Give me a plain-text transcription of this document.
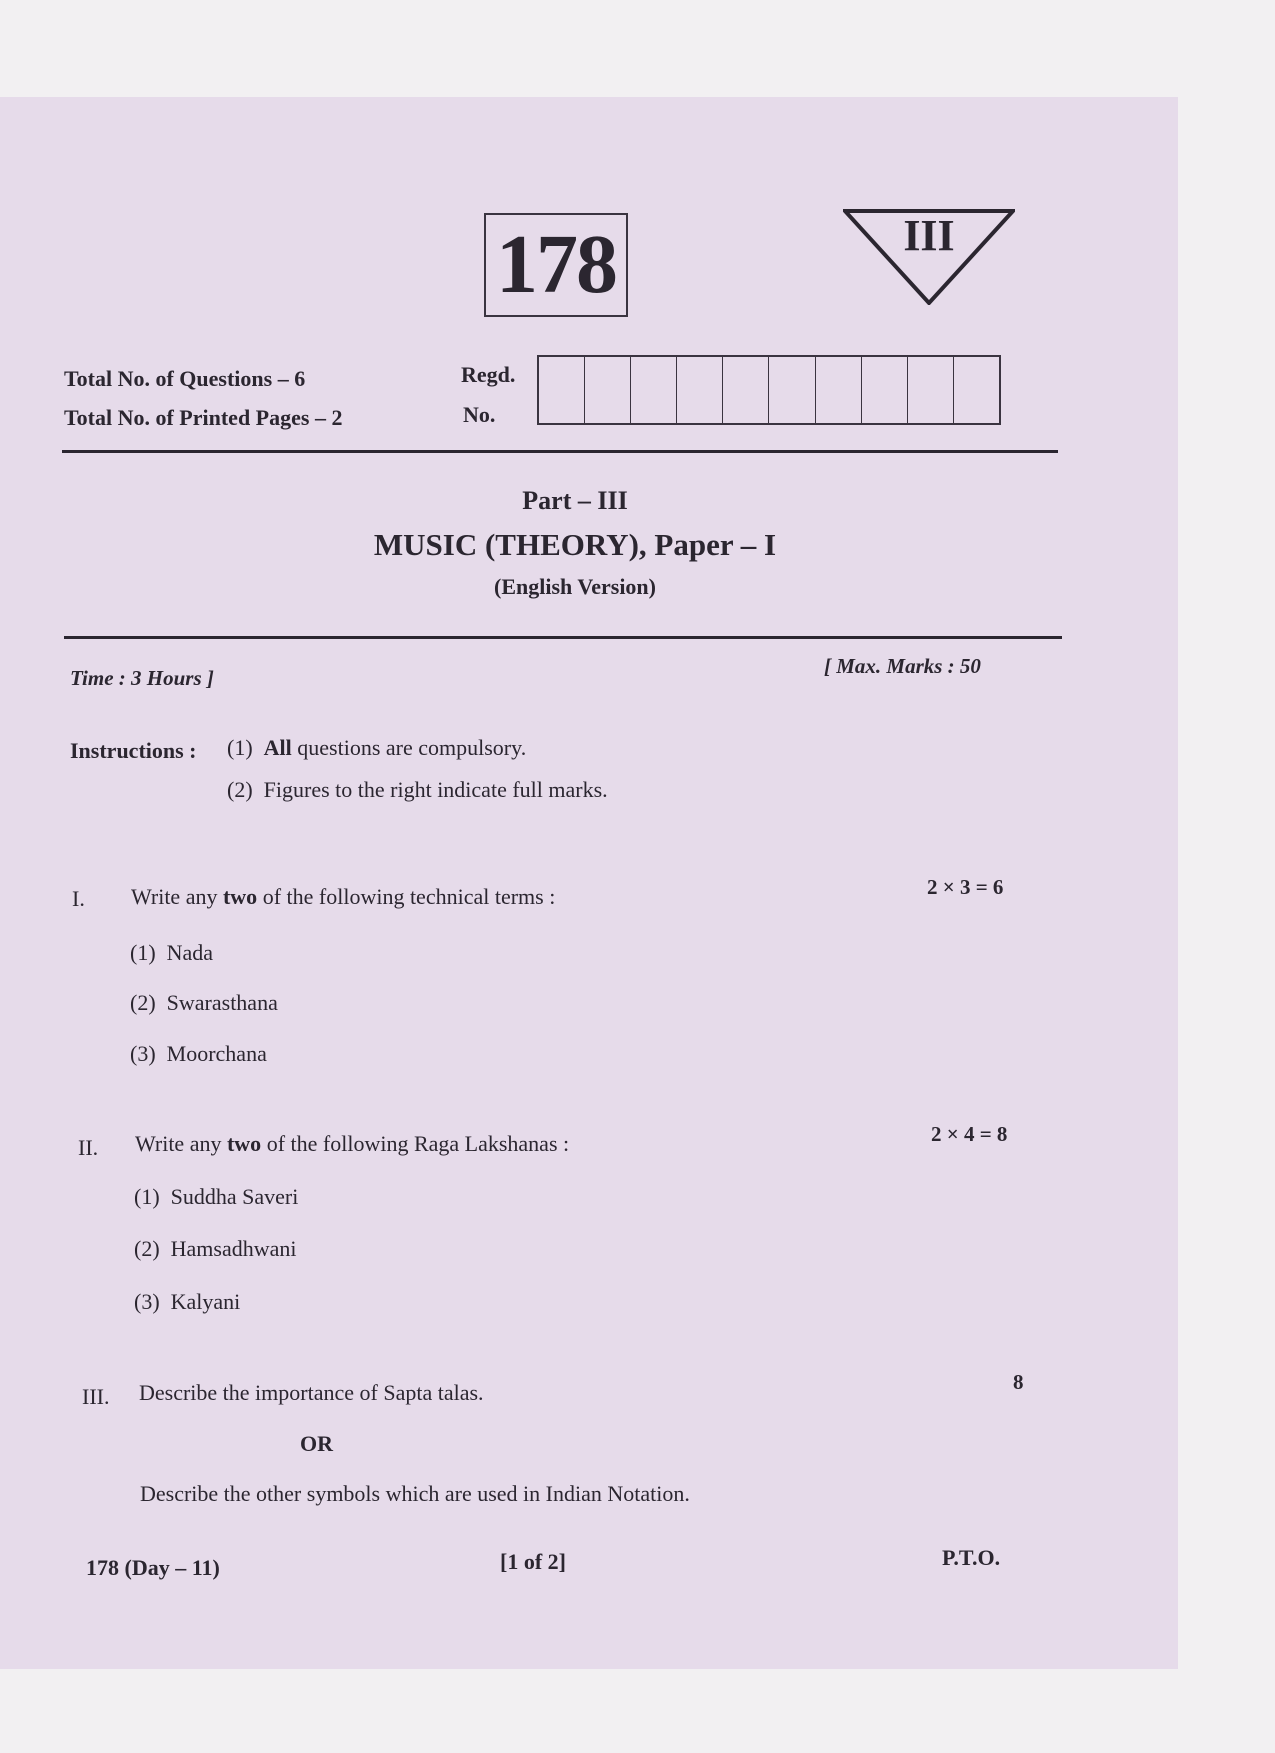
178	III
Total No. of Questions – 6
Total No. of Printed Pages – 2
Regd.
No.
Part – III
MUSIC (THEORY), Paper – I
(English Version)
Time : 3 Hours ]	[ Max. Marks : 50
Instructions : (1) All questions are compulsory.
(2) Figures to the right indicate full marks.
I. Write any two of the following technical terms :	2 × 3 = 6
(1) Nada
(2) Swarasthana
(3) Moorchana
II. Write any two of the following Raga Lakshanas :	2 × 4 = 8
(1) Suddha Saveri
(2) Hamsadhwani
(3) Kalyani
III. Describe the importance of Sapta talas.	8
OR
Describe the other symbols which are used in Indian Notation.
178 (Day – 11)	[1 of 2]	P.T.O.
